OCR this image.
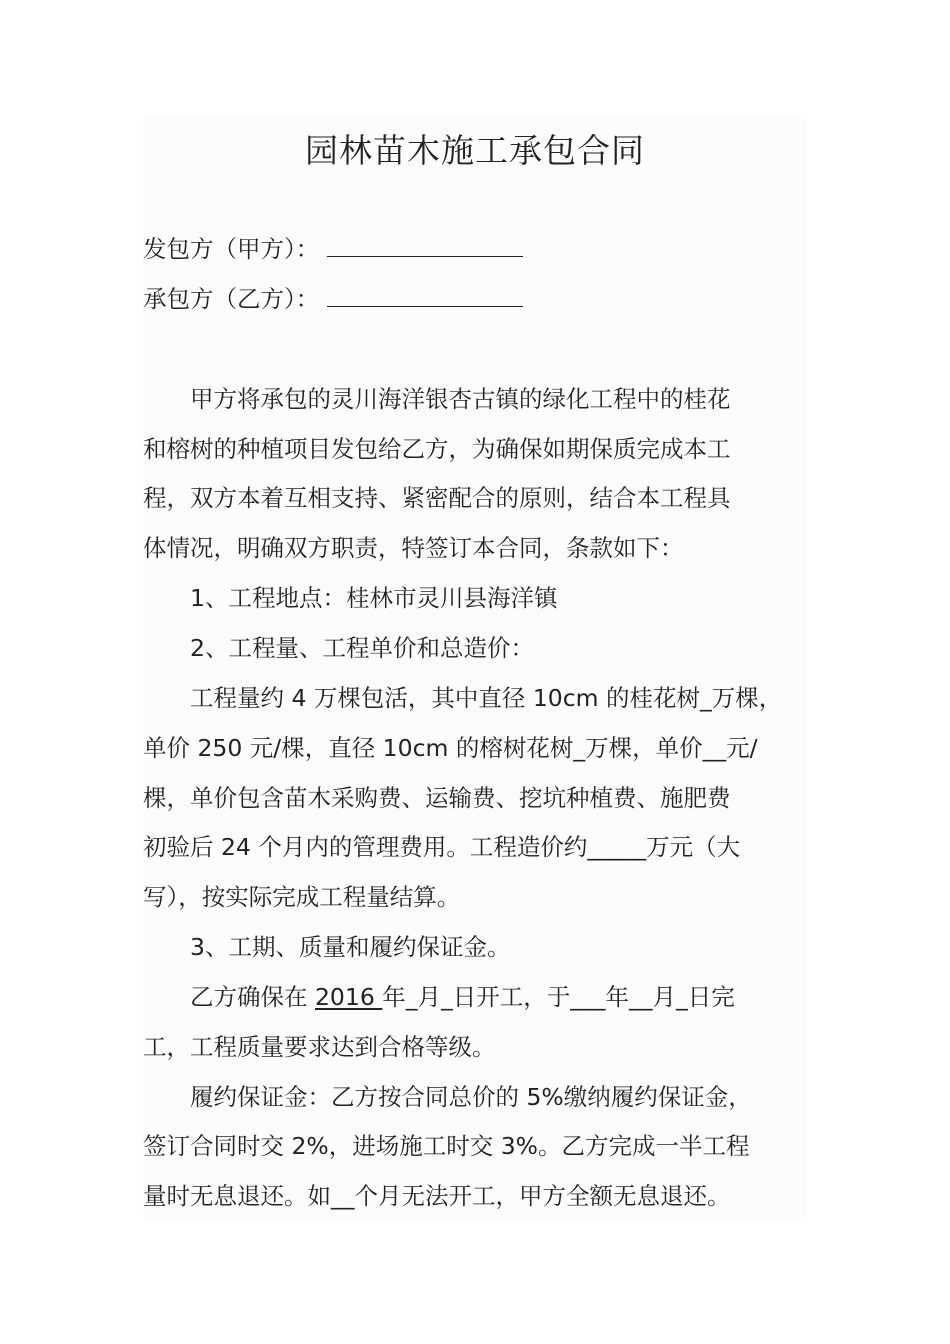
园林苗木施工承包合同
发包方（甲方）：
承包方（乙方）：
　　甲方将承包的灵川海洋银杏古镇的绿化工程中的桂花
和榕树的种植项目发包给乙方，为确保如期保质完成本工
程，双方本着互相支持、紧密配合的原则，结合本工程具
体情况，明确双方职责，特签订本合同，条款如下：
　　1、工程地点：桂林市灵川县海洋镇
　　2、工程量、工程单价和总造价：
　　工程量约 4 万棵包活，其中直径 10cm 的桂花树_万棵，
单价 250 元/棵，直径 10cm 的榕树花树_万棵，单价__元/
棵，单价包含苗木采购费、运输费、挖坑种植费、施肥费
初验后 24 个月内的管理费用。工程造价约_____万元（大
写），按实际完成工程量结算。
　　3、工期、质量和履约保证金。
　　乙方确保在 2016 年_月_日开工，于___年__月_日完
工，工程质量要求达到合格等级。
　　履约保证金：乙方按合同总价的 5%缴纳履约保证金，
签订合同时交 2%，进场施工时交 3%。乙方完成一半工程
量时无息退还。如__个月无法开工，甲方全额无息退还。
